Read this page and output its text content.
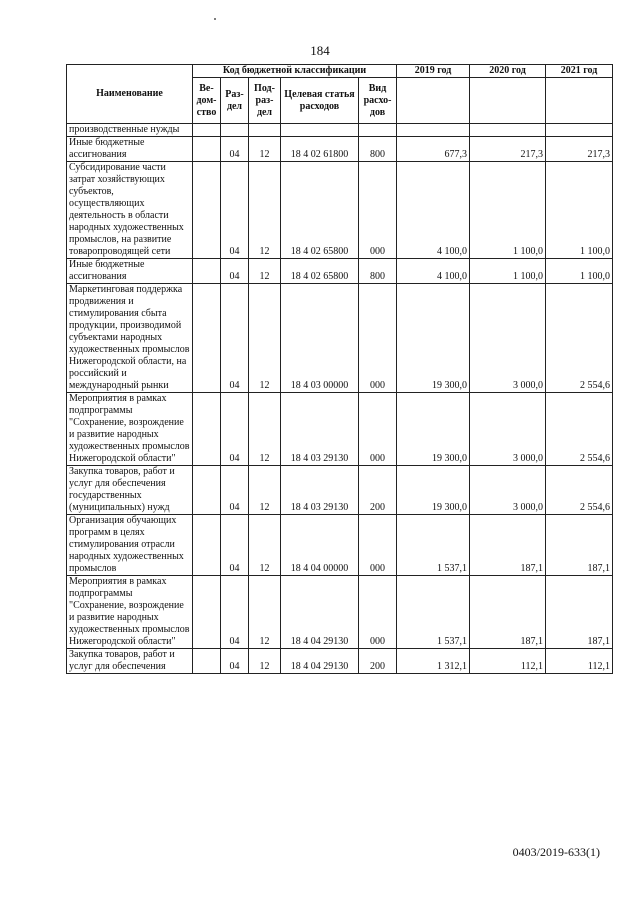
184
Наименование	Код бюджетной классификации					2019 год	2020 год	2021 год
	Ве-дом-ство	Раз-дел	Под-раз-дел	Целевая статья расходов	Вид расхо-дов			
производственные нужды								
Иные бюджетные ассигнования		04	12	18 4 02 61800	800	677,3	217,3	217,3
Субсидирование части затрат хозяйствующих субъектов, осуществляющих деятельность в области народных художественных промыслов, на развитие товаропроводящей сети		04	12	18 4 02 65800	000	4 100,0	1 100,0	1 100,0
Иные бюджетные ассигнования		04	12	18 4 02 65800	800	4 100,0	1 100,0	1 100,0
Маркетинговая поддержка продвижения и стимулирования сбыта продукции, производимой субъектами народных художественных промыслов Нижегородской области, на российский и международный рынки		04	12	18 4 03 00000	000	19 300,0	3 000,0	2 554,6
Мероприятия в рамках подпрограммы "Сохранение, возрождение и развитие народных художественных промыслов Нижегородской области"		04	12	18 4 03 29130	000	19 300,0	3 000,0	2 554,6
Закупка товаров, работ и услуг для обеспечения государственных (муниципальных) нужд		04	12	18 4 03 29130	200	19 300,0	3 000,0	2 554,6
Организация обучающих программ в целях стимулирования отрасли народных художественных промыслов		04	12	18 4 04 00000	000	1 537,1	187,1	187,1
Мероприятия в рамках подпрограммы "Сохранение, возрождение и развитие народных художественных промыслов Нижегородской области"		04	12	18 4 04 29130	000	1 537,1	187,1	187,1
Закупка товаров, работ и услуг для обеспечения		04	12	18 4 04 29130	200	1 312,1	112,1	112,1
0403/2019-633(1)
